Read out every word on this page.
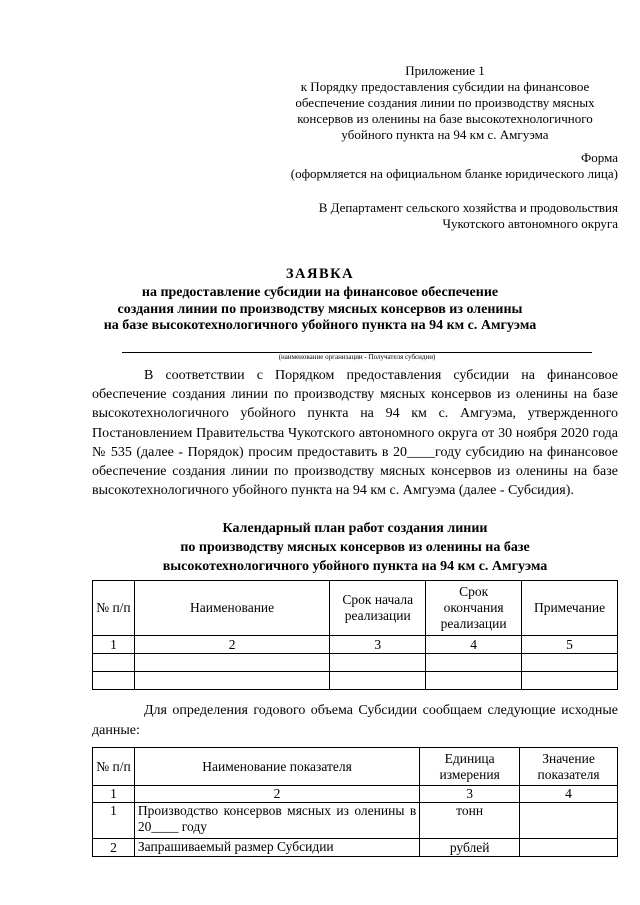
Приложение 1
к Порядку предоставления субсидии на финансовое
обеспечение создания линии по производству мясных
консервов из оленины на базе высокотехнологичного
убойного пункта на 94 км с. Амгуэма
Форма
(оформляется на официальном бланке юридического лица)
В Департамент сельского хозяйства и продовольствия
Чукотского автономного округа
ЗАЯВКА
на предоставление субсидии на финансовое обеспечение
создания линии по производству мясных консервов из оленины
на базе высокотехнологичного убойного пункта на 94 км с. Амгуэма
(наименование организации - Получателя субсидии)
В соответствии с Порядком предоставления субсидии на финансовое обеспечение создания линии по производству мясных консервов из оленины на базе высокотехнологичного убойного пункта на 94 км с. Амгуэма, утвержденного Постановлением Правительства Чукотского автономного округа от 30 ноября 2020 года № 535 (далее - Порядок) просим предоставить в 20____году субсидию на финансовое обеспечение создания линии по производству мясных консервов из оленины на базе высокотехнологичного убойного пункта на 94 км с. Амгуэма (далее - Субсидия).
Календарный план работ создания линии
по производству мясных консервов из оленины на базе
высокотехнологичного убойного пункта на 94 км с. Амгуэма
№ п/п	Наименование	Срок начала реализации	Срок окончания реализации	Примечание
1	2	3	4	5

Для определения годового объема Субсидии сообщаем следующие исходные данные:
№ п/п	Наименование показателя	Единица измерения	Значение показателя
1	2	3	4
1	Производство консервов мясных из оленины в 20____ году	тонн	
2	Запрашиваемый размер Субсидии	рублей	
